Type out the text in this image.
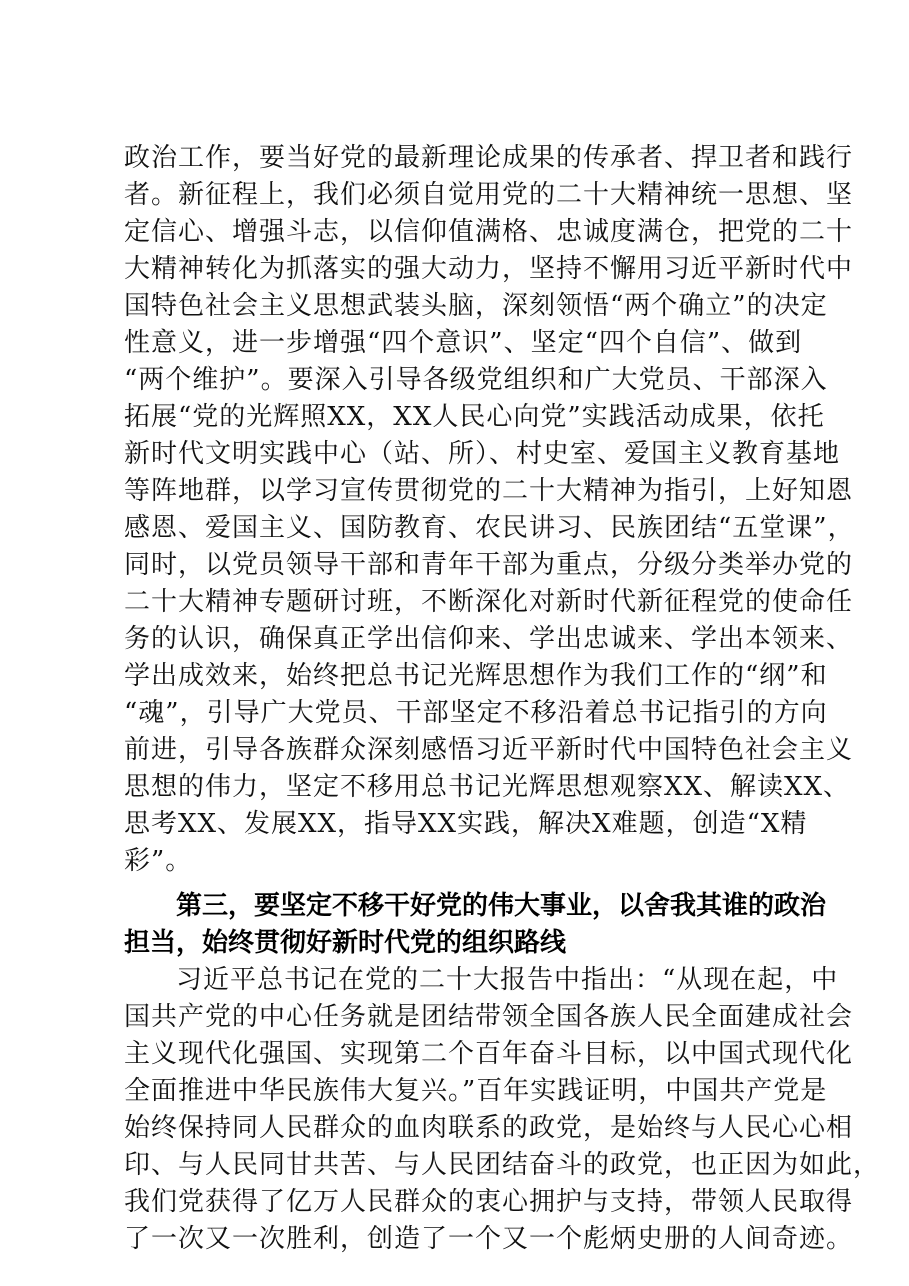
政治工作，要当好党的最新理论成果的传承者、捍卫者和践行
者。新征程上，我们必须自觉用党的二十大精神统一思想、坚
定信心、增强斗志，以信仰值满格、忠诚度满仓，把党的二十
大精神转化为抓落实的强大动力，坚持不懈用习近平新时代中
国特色社会主义思想武装头脑，深刻领悟“两个确立”的决定
性意义，进一步增强“四个意识”、坚定“四个自信”、做到
“两个维护”。要深入引导各级党组织和广大党员、干部深入
拓展“党的光辉照XX，XX人民心向党”实践活动成果，依托
新时代文明实践中心（站、所）、村史室、爱国主义教育基地
等阵地群，以学习宣传贯彻党的二十大精神为指引，上好知恩
感恩、爱国主义、国防教育、农民讲习、民族团结“五堂课”，
同时，以党员领导干部和青年干部为重点，分级分类举办党的
二十大精神专题研讨班，不断深化对新时代新征程党的使命任
务的认识，确保真正学出信仰来、学出忠诚来、学出本领来、
学出成效来，始终把总书记光辉思想作为我们工作的“纲”和
“魂”，引导广大党员、干部坚定不移沿着总书记指引的方向
前进，引导各族群众深刻感悟习近平新时代中国特色社会主义
思想的伟力，坚定不移用总书记光辉思想观察XX、解读XX、
思考XX、发展XX，指导XX实践，解决X难题，创造“X精
彩”。
第三，要坚定不移干好党的伟大事业，以舍我其谁的政治
担当，始终贯彻好新时代党的组织路线
习近平总书记在党的二十大报告中指出：“从现在起，中
国共产党的中心任务就是团结带领全国各族人民全面建成社会
主义现代化强国、实现第二个百年奋斗目标，以中国式现代化
全面推进中华民族伟大复兴。”百年实践证明，中国共产党是
始终保持同人民群众的血肉联系的政党，是始终与人民心心相
印、与人民同甘共苦、与人民团结奋斗的政党，也正因为如此，
我们党获得了亿万人民群众的衷心拥护与支持，带领人民取得
了一次又一次胜利，创造了一个又一个彪炳史册的人间奇迹。
